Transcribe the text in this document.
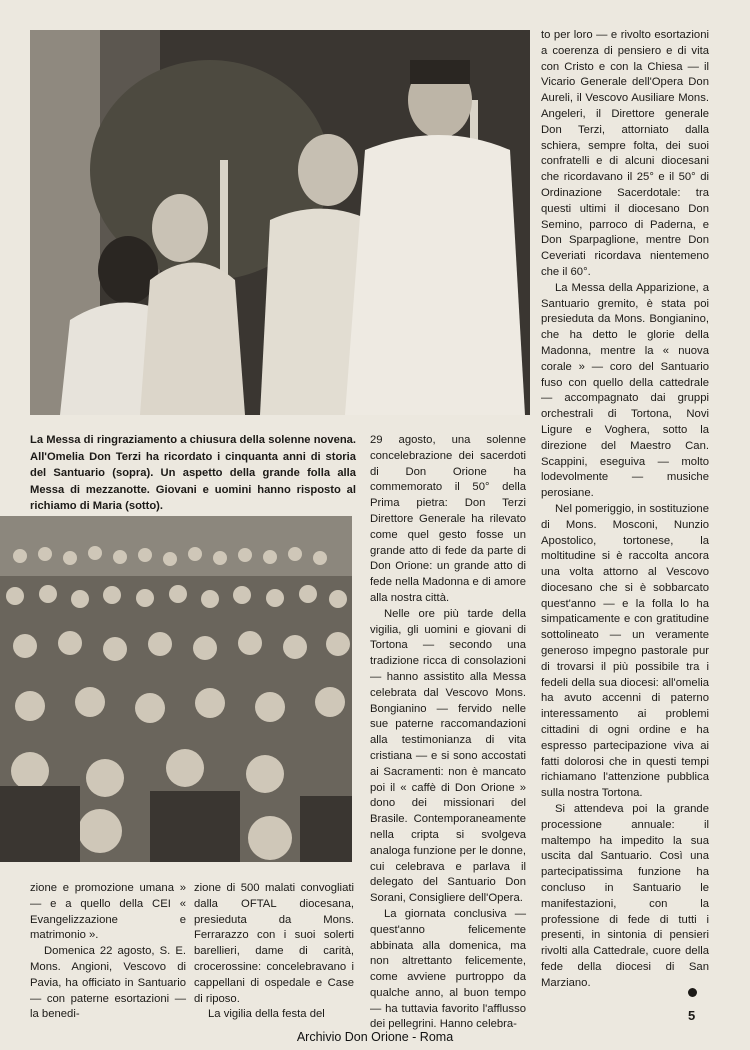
La Messa di ringraziamento a chiusura della solenne novena. All'Omelia Don Terzi ha ricordato i cinquanta anni di storia del Santuario (sopra). Un aspetto della grande folla alla Messa di mezzanotte. Giovani e uomini hanno risposto al richiamo di Maria (sotto).

zione e promozione umana » — e a quello della CEI « Evangelizzazione e matrimonio ».

Domenica 22 agosto, S. E. Mons. Angioni, Vescovo di Pavia, ha officiato in Santuario — con paterne esortazioni — la benedi-

zione di 500 malati convogliati dalla OFTAL diocesana, presieduta da Mons. Ferrarazzo con i suoi solerti barellieri, dame di carità, crocerossine: concelebravano i cappellani di ospedale e Case di riposo.

La vigilia della festa del

29 agosto, una solenne concelebrazione dei sacerdoti di Don Orione ha commemorato il 50° della Prima pietra: Don Terzi Direttore Generale ha rilevato come quel gesto fosse un grande atto di fede da parte di Don Orione: un grande atto di fede nella Madonna e di amore alla nostra città.

Nelle ore più tarde della vigilia, gli uomini e giovani di Tortona — secondo una tradizione ricca di consolazioni — hanno assistito alla Messa celebrata dal Vescovo Mons. Bongianino — fervido nelle sue paterne raccomandazioni alla testimonianza di vita cristiana — e si sono accostati ai Sacramenti: non è mancato poi il « caffè di Don Orione » dono dei missionari del Brasile. Contemporaneamente nella cripta si svolgeva analoga funzione per le donne, cui celebrava e parlava il delegato del Santuario Don Sorani, Consigliere dell'Opera.

La giornata conclusiva — quest'anno felicemente abbinata alla domenica, ma non altrettanto felicemente, come avviene purtroppo da qualche anno, al buon tempo — ha tuttavia favorito l'afflusso dei pellegrini. Hanno celebra-

to per loro — e rivolto esortazioni a coerenza di pensiero e di vita con Cristo e con la Chiesa — il Vicario Generale dell'Opera Don Aureli, il Vescovo Ausiliare Mons. Angeleri, il Direttore generale Don Terzi, attorniato dalla schiera, sempre folta, dei suoi confratelli e di alcuni diocesani che ricordavano il 25° e il 50° di Ordinazione Sacerdotale: tra questi ultimi il diocesano Don Semino, parroco di Paderna, e Don Sparpaglione, mentre Don Ceveriati ricordava nientemeno che il 60°.

La Messa della Apparizione, a Santuario gremito, è stata poi presieduta da Mons. Bongianino, che ha detto le glorie della Madonna, mentre la « nuova corale » — coro del Santuario fuso con quello della cattedrale — accompagnato dai gruppi orchestrali di Tortona, Novi Ligure e Voghera, sotto la direzione del Maestro Can. Scappini, eseguiva — molto lodevolmente — musiche perosiane.

Nel pomeriggio, in sostituzione di Mons. Mosconi, Nunzio Apostolico, tortonese, la moltitudine si è raccolta ancora una volta attorno al Vescovo diocesano che si è sobbarcato quest'anno — e la folla lo ha simpaticamente e con gratitudine sottolineato — un veramente generoso impegno pastorale pur di trovarsi il più possibile tra i fedeli della sua diocesi: all'omelia ha avuto accenni di paterno interessamento ai problemi cittadini di ogni ordine e ha espresso partecipazione viva ai fatti dolorosi che in questi tempi richiamano l'attenzione pubblica sulla nostra Tortona.

Si attendeva poi la grande processione annuale: il maltempo ha impedito la sua uscita dal Santuario. Così una partecipatissima funzione ha concluso in Santuario le manifestazioni, con la professione di fede di tutti i presenti, in sintonia di pensieri rivolti alla Cattedrale, cuore della fede della diocesi di San Marziano.

5
Archivio Don Orione - Roma
